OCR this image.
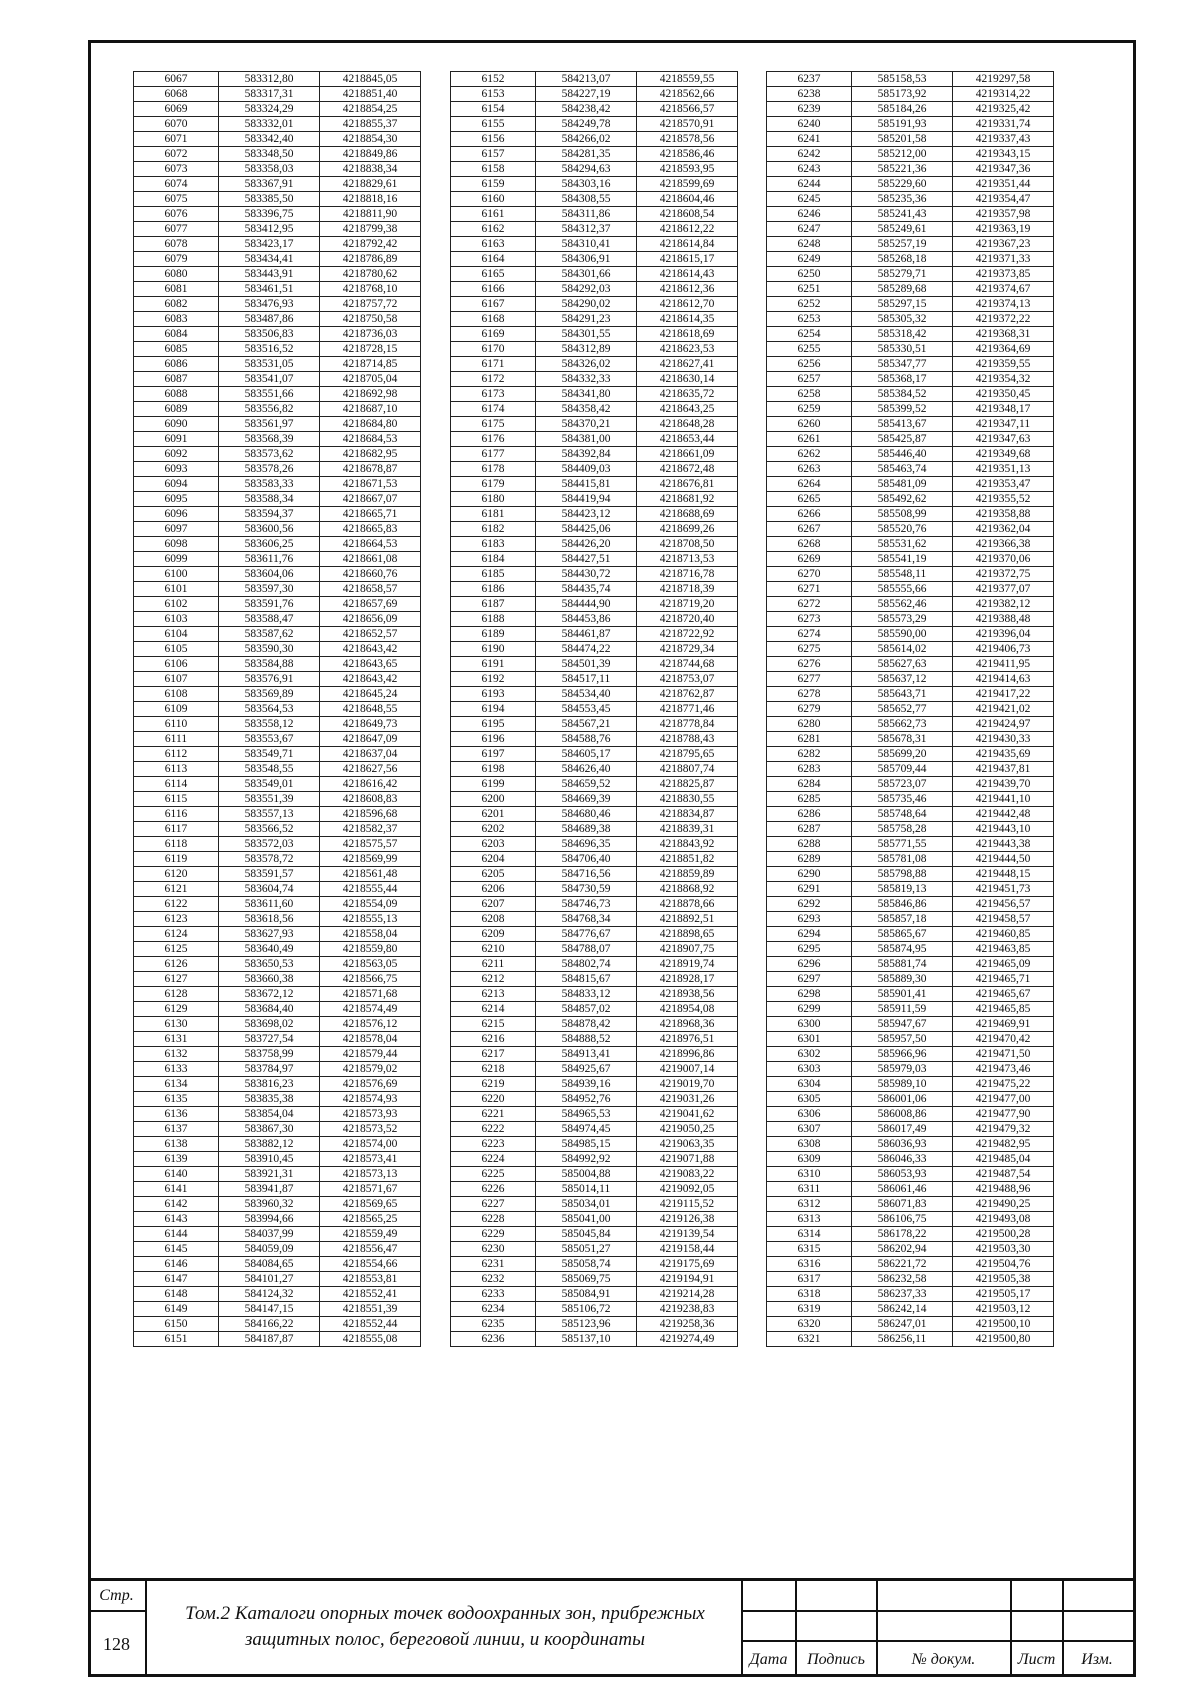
6067	583312,80	4218845,05
6068	583317,31	4218851,40
6069	583324,29	4218854,25
6070	583332,01	4218855,37
6071	583342,40	4218854,30
6072	583348,50	4218849,86
6073	583358,03	4218838,34
6074	583367,91	4218829,61
6075	583385,50	4218818,16
6076	583396,75	4218811,90
6077	583412,95	4218799,38
6078	583423,17	4218792,42
6079	583434,41	4218786,89
6080	583443,91	4218780,62
6081	583461,51	4218768,10
6082	583476,93	4218757,72
6083	583487,86	4218750,58
6084	583506,83	4218736,03
6085	583516,52	4218728,15
6086	583531,05	4218714,85
6087	583541,07	4218705,04
6088	583551,66	4218692,98
6089	583556,82	4218687,10
6090	583561,97	4218684,80
6091	583568,39	4218684,53
6092	583573,62	4218682,95
6093	583578,26	4218678,87
6094	583583,33	4218671,53
6095	583588,34	4218667,07
6096	583594,37	4218665,71
6097	583600,56	4218665,83
6098	583606,25	4218664,53
6099	583611,76	4218661,08
6100	583604,06	4218660,76
6101	583597,30	4218658,57
6102	583591,76	4218657,69
6103	583588,47	4218656,09
6104	583587,62	4218652,57
6105	583590,30	4218643,42
6106	583584,88	4218643,65
6107	583576,91	4218643,42
6108	583569,89	4218645,24
6109	583564,53	4218648,55
6110	583558,12	4218649,73
6111	583553,67	4218647,09
6112	583549,71	4218637,04
6113	583548,55	4218627,56
6114	583549,01	4218616,42
6115	583551,39	4218608,83
6116	583557,13	4218596,68
6117	583566,52	4218582,37
6118	583572,03	4218575,57
6119	583578,72	4218569,99
6120	583591,57	4218561,48
6121	583604,74	4218555,44
6122	583611,60	4218554,09
6123	583618,56	4218555,13
6124	583627,93	4218558,04
6125	583640,49	4218559,80
6126	583650,53	4218563,05
6127	583660,38	4218566,75
6128	583672,12	4218571,68
6129	583684,40	4218574,49
6130	583698,02	4218576,12
6131	583727,54	4218578,04
6132	583758,99	4218579,44
6133	583784,97	4218579,02
6134	583816,23	4218576,69
6135	583835,38	4218574,93
6136	583854,04	4218573,93
6137	583867,30	4218573,52
6138	583882,12	4218574,00
6139	583910,45	4218573,41
6140	583921,31	4218573,13
6141	583941,87	4218571,67
6142	583960,32	4218569,65
6143	583994,66	4218565,25
6144	584037,99	4218559,49
6145	584059,09	4218556,47
6146	584084,65	4218554,66
6147	584101,27	4218553,81
6148	584124,32	4218552,41
6149	584147,15	4218551,39
6150	584166,22	4218552,44
6151	584187,87	4218555,08
6152	584213,07	4218559,55
6153	584227,19	4218562,66
6154	584238,42	4218566,57
6155	584249,78	4218570,91
6156	584266,02	4218578,56
6157	584281,35	4218586,46
6158	584294,63	4218593,95
6159	584303,16	4218599,69
6160	584308,55	4218604,46
6161	584311,86	4218608,54
6162	584312,37	4218612,22
6163	584310,41	4218614,84
6164	584306,91	4218615,17
6165	584301,66	4218614,43
6166	584292,03	4218612,36
6167	584290,02	4218612,70
6168	584291,23	4218614,35
6169	584301,55	4218618,69
6170	584312,89	4218623,53
6171	584326,02	4218627,41
6172	584332,33	4218630,14
6173	584341,80	4218635,72
6174	584358,42	4218643,25
6175	584370,21	4218648,28
6176	584381,00	4218653,44
6177	584392,84	4218661,09
6178	584409,03	4218672,48
6179	584415,81	4218676,81
6180	584419,94	4218681,92
6181	584423,12	4218688,69
6182	584425,06	4218699,26
6183	584426,20	4218708,50
6184	584427,51	4218713,53
6185	584430,72	4218716,78
6186	584435,74	4218718,39
6187	584444,90	4218719,20
6188	584453,86	4218720,40
6189	584461,87	4218722,92
6190	584474,22	4218729,34
6191	584501,39	4218744,68
6192	584517,11	4218753,07
6193	584534,40	4218762,87
6194	584553,45	4218771,46
6195	584567,21	4218778,84
6196	584588,76	4218788,43
6197	584605,17	4218795,65
6198	584626,40	4218807,74
6199	584659,52	4218825,87
6200	584669,39	4218830,55
6201	584680,46	4218834,87
6202	584689,38	4218839,31
6203	584696,35	4218843,92
6204	584706,40	4218851,82
6205	584716,56	4218859,89
6206	584730,59	4218868,92
6207	584746,73	4218878,66
6208	584768,34	4218892,51
6209	584776,67	4218898,65
6210	584788,07	4218907,75
6211	584802,74	4218919,74
6212	584815,67	4218928,17
6213	584833,12	4218938,56
6214	584857,02	4218954,08
6215	584878,42	4218968,36
6216	584888,52	4218976,51
6217	584913,41	4218996,86
6218	584925,67	4219007,14
6219	584939,16	4219019,70
6220	584952,76	4219031,26
6221	584965,53	4219041,62
6222	584974,45	4219050,25
6223	584985,15	4219063,35
6224	584992,92	4219071,88
6225	585004,88	4219083,22
6226	585014,11	4219092,05
6227	585034,01	4219115,52
6228	585041,00	4219126,38
6229	585045,84	4219139,54
6230	585051,27	4219158,44
6231	585058,74	4219175,69
6232	585069,75	4219194,91
6233	585084,91	4219214,28
6234	585106,72	4219238,83
6235	585123,96	4219258,36
6236	585137,10	4219274,49
6237	585158,53	4219297,58
6238	585173,92	4219314,22
6239	585184,26	4219325,42
6240	585191,93	4219331,74
6241	585201,58	4219337,43
6242	585212,00	4219343,15
6243	585221,36	4219347,36
6244	585229,60	4219351,44
6245	585235,36	4219354,47
6246	585241,43	4219357,98
6247	585249,61	4219363,19
6248	585257,19	4219367,23
6249	585268,18	4219371,33
6250	585279,71	4219373,85
6251	585289,68	4219374,67
6252	585297,15	4219374,13
6253	585305,32	4219372,22
6254	585318,42	4219368,31
6255	585330,51	4219364,69
6256	585347,77	4219359,55
6257	585368,17	4219354,32
6258	585384,52	4219350,45
6259	585399,52	4219348,17
6260	585413,67	4219347,11
6261	585425,87	4219347,63
6262	585446,40	4219349,68
6263	585463,74	4219351,13
6264	585481,09	4219353,47
6265	585492,62	4219355,52
6266	585508,99	4219358,88
6267	585520,76	4219362,04
6268	585531,62	4219366,38
6269	585541,19	4219370,06
6270	585548,11	4219372,75
6271	585555,66	4219377,07
6272	585562,46	4219382,12
6273	585573,29	4219388,48
6274	585590,00	4219396,04
6275	585614,02	4219406,73
6276	585627,63	4219411,95
6277	585637,12	4219414,63
6278	585643,71	4219417,22
6279	585652,77	4219421,02
6280	585662,73	4219424,97
6281	585678,31	4219430,33
6282	585699,20	4219435,69
6283	585709,44	4219437,81
6284	585723,07	4219439,70
6285	585735,46	4219441,10
6286	585748,64	4219442,48
6287	585758,28	4219443,10
6288	585771,55	4219443,38
6289	585781,08	4219444,50
6290	585798,88	4219448,15
6291	585819,13	4219451,73
6292	585846,86	4219456,57
6293	585857,18	4219458,57
6294	585865,67	4219460,85
6295	585874,95	4219463,85
6296	585881,74	4219465,09
6297	585889,30	4219465,71
6298	585901,41	4219465,67
6299	585911,59	4219465,85
6300	585947,67	4219469,91
6301	585957,50	4219470,42
6302	585966,96	4219471,50
6303	585979,03	4219473,46
6304	585989,10	4219475,22
6305	586001,06	4219477,00
6306	586008,86	4219477,90
6307	586017,49	4219479,32
6308	586036,93	4219482,95
6309	586046,33	4219485,04
6310	586053,93	4219487,54
6311	586061,46	4219488,96
6312	586071,83	4219490,25
6313	586106,75	4219493,08
6314	586178,22	4219500,28
6315	586202,94	4219503,30
6316	586221,72	4219504,76
6317	586232,58	4219505,38
6318	586237,33	4219505,17
6319	586242,14	4219503,12
6320	586247,01	4219500,10
6321	586256,11	4219500,80
Стр.
128
Том.2 Каталоги опорных точек водоохранных зон, прибрежных защитных полос, береговой линии, и координаты
Дата	Подпись	№ докум.	Лист	Изм.
